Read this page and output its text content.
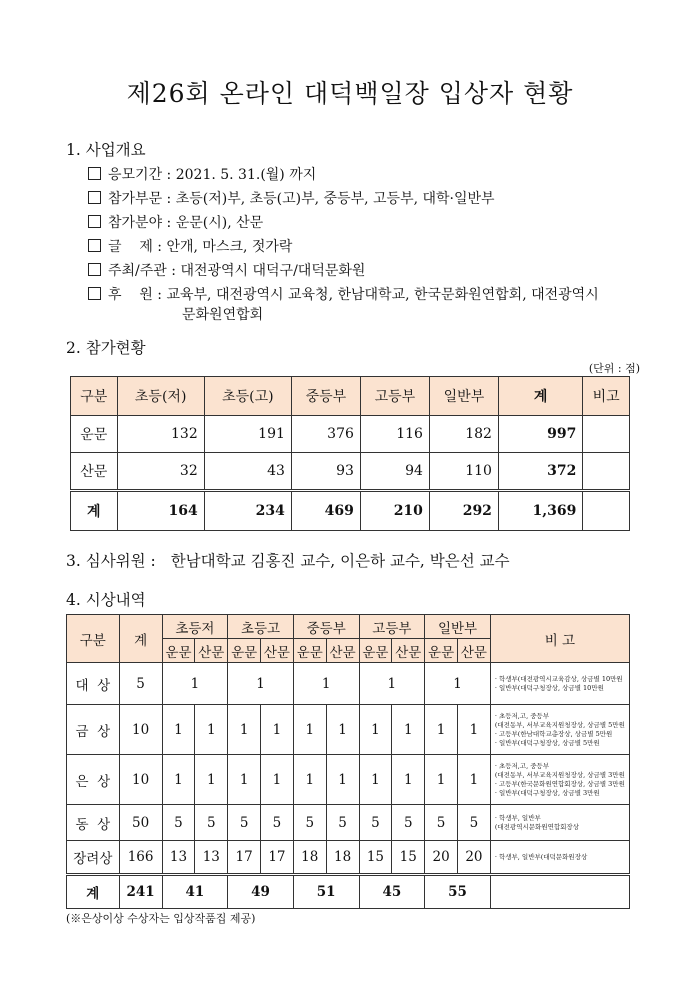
제26회 온라인 대덕백일장 입상자 현황
1. 사업개요
응모기간 : 2021. 5. 31.(월) 까지
참가부문 : 초등(저)부, 초등(고)부, 중등부, 고등부, 대학·일반부
참가분야 : 운문(시), 산문
글    제 : 안개, 마스크, 젓가락
주최/주관 : 대전광역시 대덕구/대덕문화원
후    원 : 교육부, 대전광역시 교육청, 한남대학교, 한국문화원연합회, 대전광역시
문화원연합회
2. 참가현황
(단위 : 점)
구분	초등(저)	초등(고)	중등부	고등부	일반부	계	비고
운문	132	191	376	116	182	997	
산문	32	43	93	94	110	372	
계	164	234	469	210	292	1,369	
3. 심사위원 : 한남대학교 김홍진 교수, 이은하 교수, 박은선 교수
4. 시상내역
구분	계	초등저		초등고		중등부		고등부		일반부		비 고
		운문	산문	운문	산문	운문	산문	운문	산문	운문	산문	
대  상	5	1		1		1		1		1		· 학생부(대전광역시교육감상, 상금별 10만원
· 일반부(대덕구청장상, 상금별 10만원

금  상	10	1	1	1	1	1	1	1	1	1	1	· 초등저,고, 중등부
(대전동부, 서부교육지원청장상, 상금별 5만원
· 고등부(한남대학교총장상, 상금별 5만원
· 일반부(대덕구청장상, 상금별 5만원

은  상	10	1	1	1	1	1	1	1	1	1	1	· 초등저,고, 중등부
(대전동부, 서부교육지원청장상, 상금별 3만원
· 고등부(한국문화원연합회장상, 상금별 3만원
· 일반부(대덕구청장상, 상금별 3만원

동  상	50	5	5	5	5	5	5	5	5	5	5	· 학생부, 일반부
(대전광역시문화원연합회장상

장려상	166	13	13	17	17	18	18	15	15	20	20	· 학생부, 일반부(대덕문화원장상

계	241	41		49		51		45		55		
(※은상이상 수상자는 입상작품집 제공)
